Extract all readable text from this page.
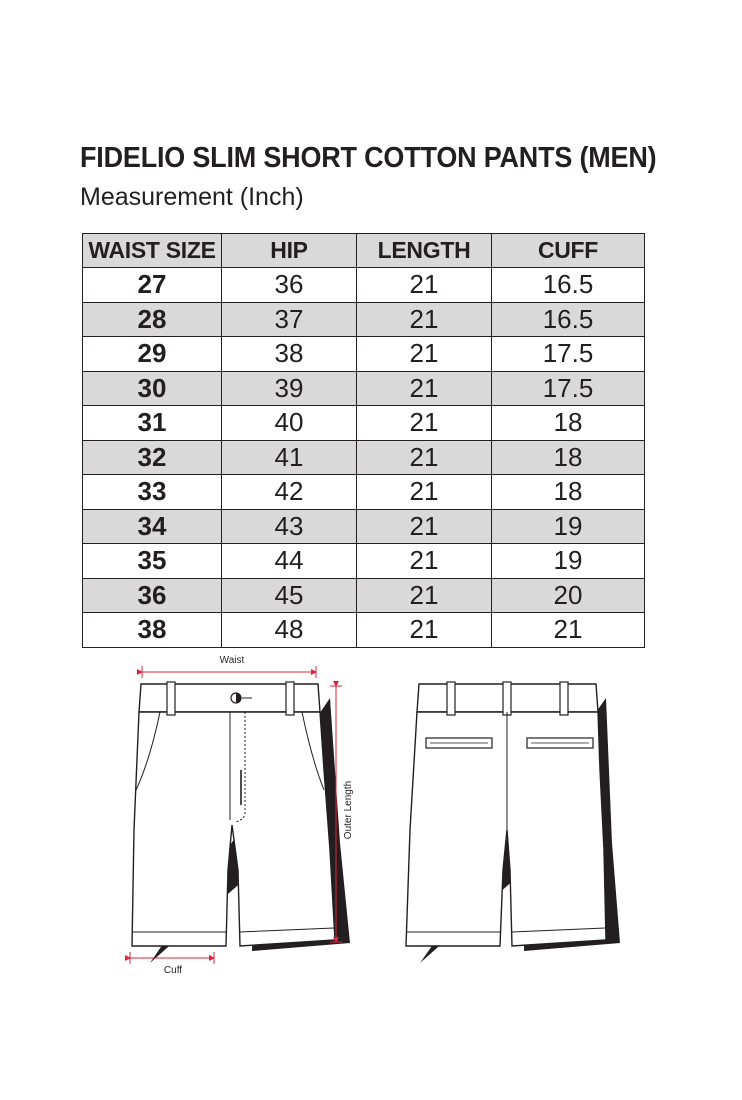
FIDELIO SLIM SHORT COTTON PANTS (MEN)
Measurement (Inch)
WAIST SIZE	HIP	LENGTH	CUFF
27	36	21	16.5
28	37	21	16.5
29	38	21	17.5
30	39	21	17.5
31	40	21	18
32	41	21	18
33	42	21	18
34	43	21	19
35	44	21	19
36	45	21	20
38	48	21	21
Waist
Outer Length
Cuff
